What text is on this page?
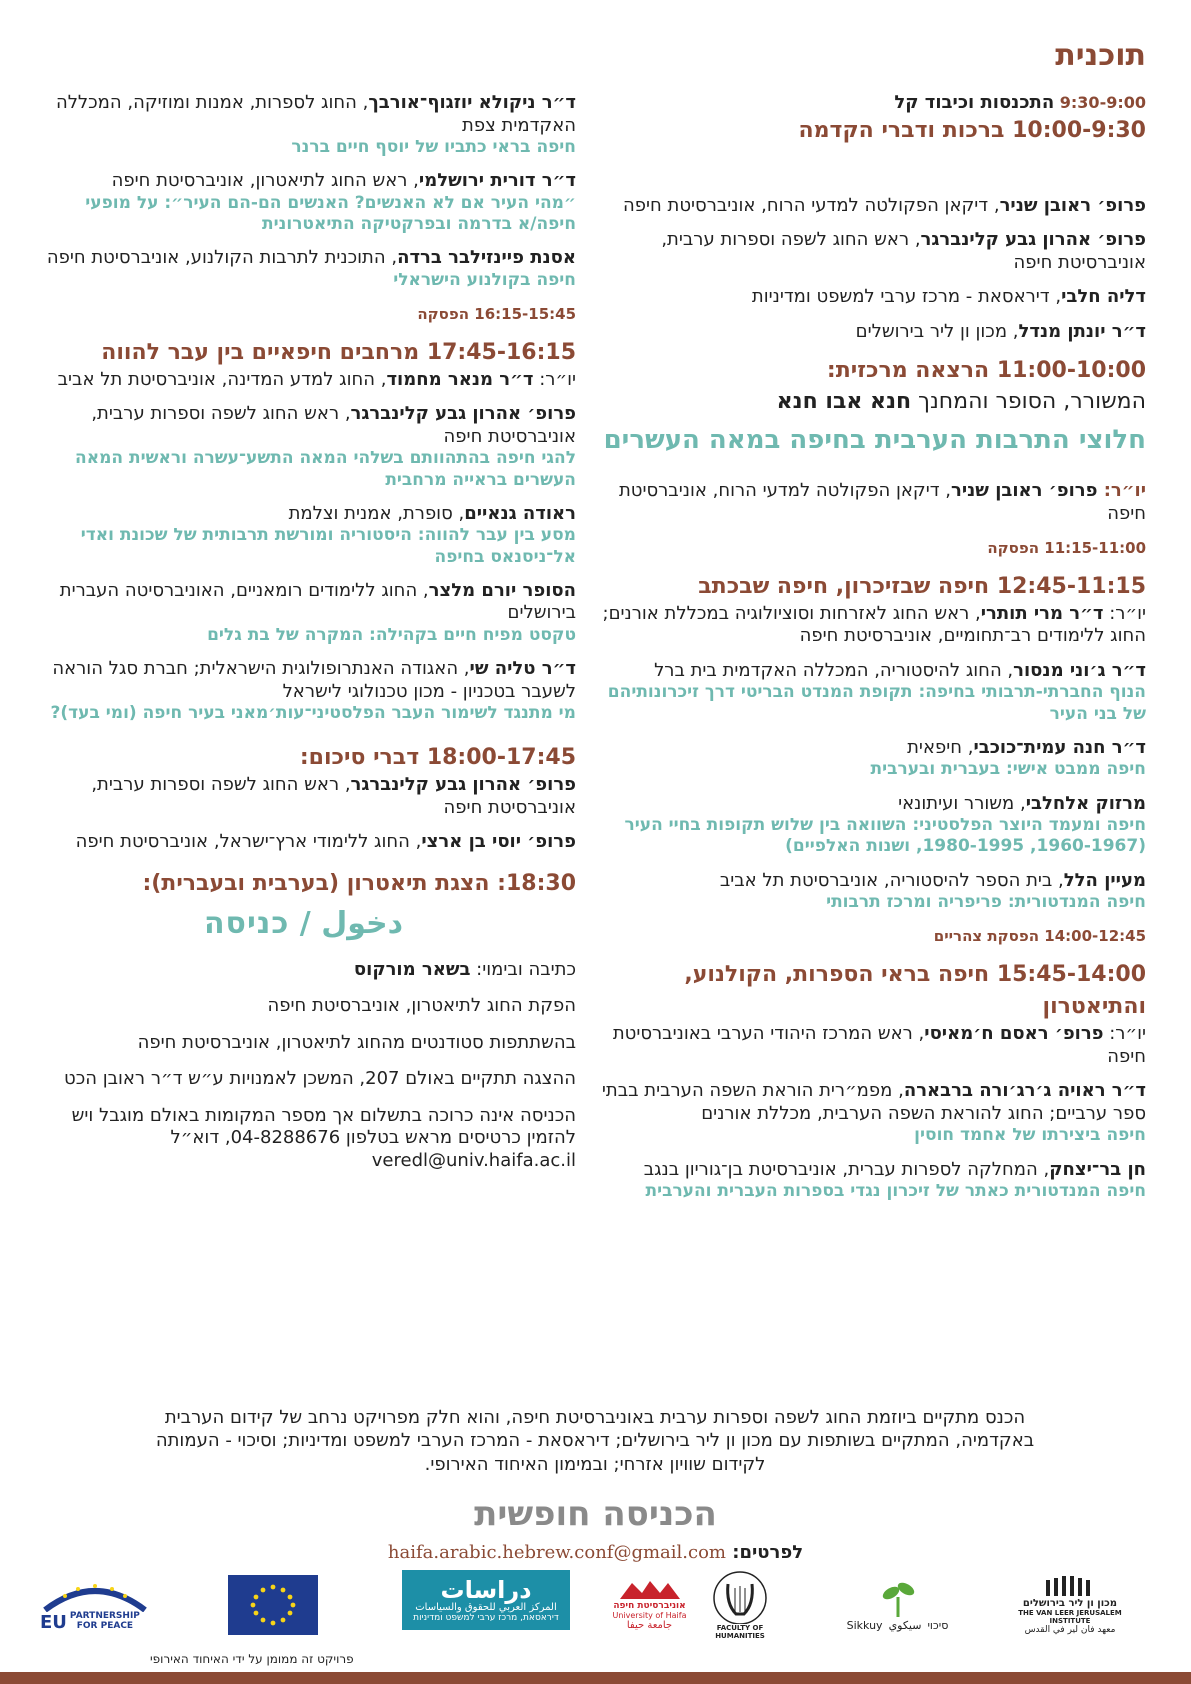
תוכנית
9:30-9:00 התכנסות וכיבוד קל
10:00-9:30 ברכות ודברי הקדמה
פרופ׳ ראובן שניר, דיקאן הפקולטה למדעי הרוח, אוניברסיטת חיפה
פרופ׳ אהרון גבע קלינברגר, ראש החוג לשפה וספרות ערבית, אוניברסיטת חיפה
דליה חלבי, דיראסאת - מרכז ערבי למשפט ומדיניות
ד״ר יונתן מנדל, מכון ון ליר בירושלים
11:00-10:00 הרצאה מרכזית:
המשורר, הסופר והמחנך חנא אבו חנא
חלוצי התרבות הערבית בחיפה במאה העשרים
יו״ר: פרופ׳ ראובן שניר, דיקאן הפקולטה למדעי הרוח, אוניברסיטת חיפה
11:15-11:00 הפסקה
12:45-11:15 חיפה שבזיכרון, חיפה שבכתב
יו״ר: ד״ר מרי תותרי, ראש החוג לאזרחות וסוציולוגיה במכללת אורנים; החוג ללימודים רב־תחומיים, אוניברסיטת חיפה
ד״ר ג׳וני מנסור, החוג להיסטוריה, המכללה האקדמית בית ברל
הנוף החברתי-תרבותי בחיפה: תקופת המנדט הבריטי דרך זיכרונותיהם של בני העיר
ד״ר חנה עמית־כוכבי, חיפאית
חיפה ממבט אישי: בעברית ובערבית
מרזוק אלחלבי, משורר ועיתונאי
חיפה ומעמד היוצר הפלסטיני: השוואה בין שלוש תקופות בחיי העיר (1960-1967, 1980-1995, ושנות האלפיים)
מעיין הלל, בית הספר להיסטוריה, אוניברסיטת תל אביב
חיפה המנדטורית: פריפריה ומרכז תרבותי
14:00-12:45 הפסקת צהריים
15:45-14:00 חיפה בראי הספרות, הקולנוע, והתיאטרון
יו״ר: פרופ׳ ראסם ח׳מאיסי, ראש המרכז היהודי הערבי באוניברסיטת חיפה
ד״ר ראויה ג׳רג׳ורה ברבארה, מפמ״רית הוראת השפה הערבית בבתי ספר ערביים; החוג להוראת השפה הערבית, מכללת אורנים
חיפה ביצירתו של אחמד חוסין
חן בר־יצחק, המחלקה לספרות עברית, אוניברסיטת בן־גוריון בנגב
חיפה המנדטורית כאתר של זיכרון נגדי בספרות העברית והערבית
ד״ר ניקולא יוזגוף־אורבך, החוג לספרות, אמנות ומוזיקה, המכללה האקדמית צפת
חיפה בראי כתביו של יוסף חיים ברנר
ד״ר דורית ירושלמי, ראש החוג לתיאטרון, אוניברסיטת חיפה
״מהי העיר אם לא האנשים? האנשים הם-הם העיר״: על מופעי חיפה/א בדרמה ובפרקטיקה התיאטרונית
אסנת פיינזילבר ברדה, התוכנית לתרבות הקולנוע, אוניברסיטת חיפה
חיפה בקולנוע הישראלי
16:15-15:45 הפסקה
17:45-16:15 מרחבים חיפאיים בין עבר להווה
יו״ר: ד״ר מנאר מחמוד, החוג למדע המדינה, אוניברסיטת תל אביב
פרופ׳ אהרון גבע קלינברגר, ראש החוג לשפה וספרות ערבית, אוניברסיטת חיפה
להגי חיפה בהתהוותם בשלהי המאה התשע־עשרה וראשית המאה העשרים בראייה מרחבית
ראודה גנאיים, סופרת, אמנית וצלמת
מסע בין עבר להווה: היסטוריה ומורשת תרבותית של שכונת ואדי אל־ניסנאס בחיפה
הסופר יורם מלצר, החוג ללימודים רומאניים, האוניברסיטה העברית בירושלים
טקסט מפיח חיים בקהילה: המקרה של בת גלים
ד״ר טליה שי, האגודה האנתרופולוגית הישראלית; חברת סגל הוראה לשעבר בטכניון - מכון טכנולוגי לישראל
מי מתנגד לשימור העבר הפלסטיני־עות׳מאני בעיר חיפה (ומי בעד)?
18:00-17:45 דברי סיכום:
פרופ׳ אהרון גבע קלינברגר, ראש החוג לשפה וספרות ערבית, אוניברסיטת חיפה
פרופ׳ יוסי בן ארצי, החוג ללימודי ארץ־ישראל, אוניברסיטת חיפה
18:30: הצגת תיאטרון (בערבית ובעברית):
دخول / כניסה
כתיבה ובימוי: בשאר מורקוס
הפקת החוג לתיאטרון, אוניברסיטת חיפה
בהשתתפות סטודנטים מהחוג לתיאטרון, אוניברסיטת חיפה
ההצגה תתקיים באולם 207, המשכן לאמנויות ע״ש ד״ר ראובן הכט
הכניסה אינה כרוכה בתשלום אך מספר המקומות באולם מוגבל ויש להזמין כרטיסים מראש בטלפון 04-8288676, דוא״ל veredl@univ.haifa.ac.il
הכנס מתקיים ביוזמת החוג לשפה וספרות ערבית באוניברסיטת חיפה, והוא חלק מפרויקט נרחב של קידום הערבית באקדמיה, המתקיים בשותפות עם מכון ון ליר בירושלים; דיראסאת - המרכז הערבי למשפט ומדיניות; וסיכוי - העמותה לקידום שוויון אזרחי; ובמימון האיחוד האירופי.
הכניסה חופשית
לפרטים: haifa.arabic.hebrew.conf@gmail.com
EU PARTNERSHIP
FOR PEACE
دراسات
المركز العربي للحقوق والسياسات
דיראסאת, מרכז ערבי למשפט ומדיניות
אוניברסיטת חיפה
University of Haifa
جامعة حيفا	FACULTY OF HUMANITIES
Sikkuy سيكوي סיכוי
מכון ון ליר בירושלים
THE VAN LEER JERUSALEM INSTITUTE
معهد فان لير في القدس
פרויקט זה ממומן על ידי האיחוד האירופי
